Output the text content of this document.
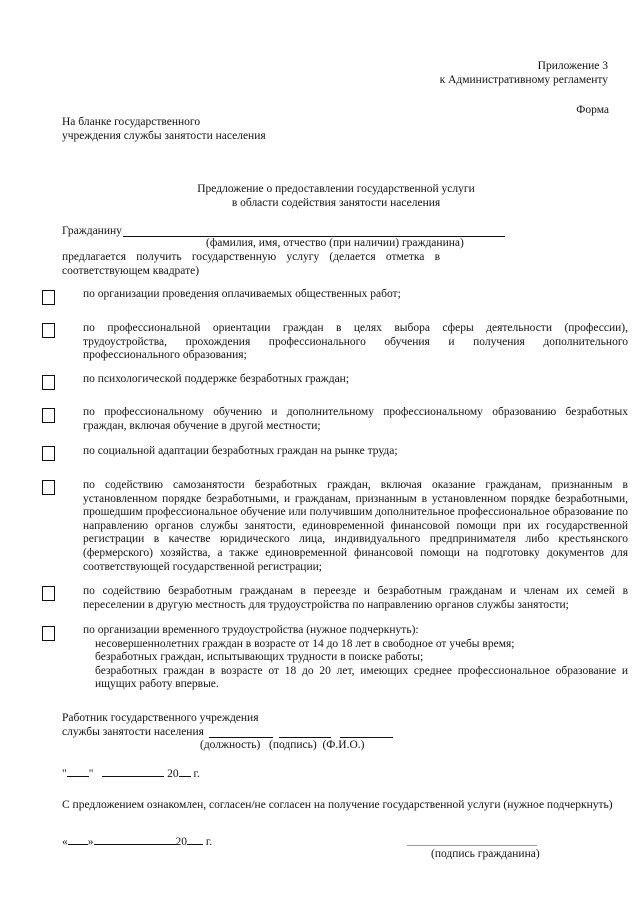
Приложение 3
к Административному регламенту
Форма
На бланке государственного
учреждения службы занятости населения
Предложение о предоставлении государственной услуги
в области содействия занятости населения
Гражданину
(фамилия, имя, отчество (при наличии) гражданина)
предлагается получить государственную услугу (делается отметка в соответствующем квадрате)
по организации проведения оплачиваемых общественных работ;
по профессиональной ориентации граждан в целях выбора сферы деятельности (профессии), трудоустройства, прохождения профессионального обучения и получения дополнительного профессионального образования;
по психологической поддержке безработных граждан;
по профессиональному обучению и дополнительному профессиональному образованию безработных граждан, включая обучение в другой местности;
по социальной адаптации безработных граждан на рынке труда;
по содействию самозанятости безработных граждан, включая оказание гражданам, признанным в установленном порядке безработными, и гражданам, признанным в установленном порядке безработными, прошедшим профессиональное обучение или получившим дополнительное профессиональное образование по направлению органов службы занятости, единовременной финансовой помощи при их государственной регистрации в качестве юридического лица, индивидуального предпринимателя либо крестьянского (фермерского) хозяйства, а также единовременной финансовой помощи на подготовку документов для соответствующей государственной регистрации;
по содействию безработным гражданам в переезде и безработным гражданам и членам их семей в переселении в другую местность для трудоустройства по направлению органов службы занятости;
по организации временного трудоустройства (нужное подчеркнуть):
несовершеннолетних граждан в возрасте от 14 до 18 лет в свободное от учебы время;
безработных граждан, испытывающих трудности в поиске работы;
безработных граждан в возрасте от 18 до 20 лет, имеющих среднее профессиональное образование и ищущих работу впервые.
Работник государственного учреждения
службы занятости населения
(должность)   (подпись)  (Ф.И.О.)
" "	20 г.
С предложением ознакомлен, согласен/не согласен на получение государственной услуги (нужное подчеркнуть)
« »	20 г.
(подпись гражданина)
